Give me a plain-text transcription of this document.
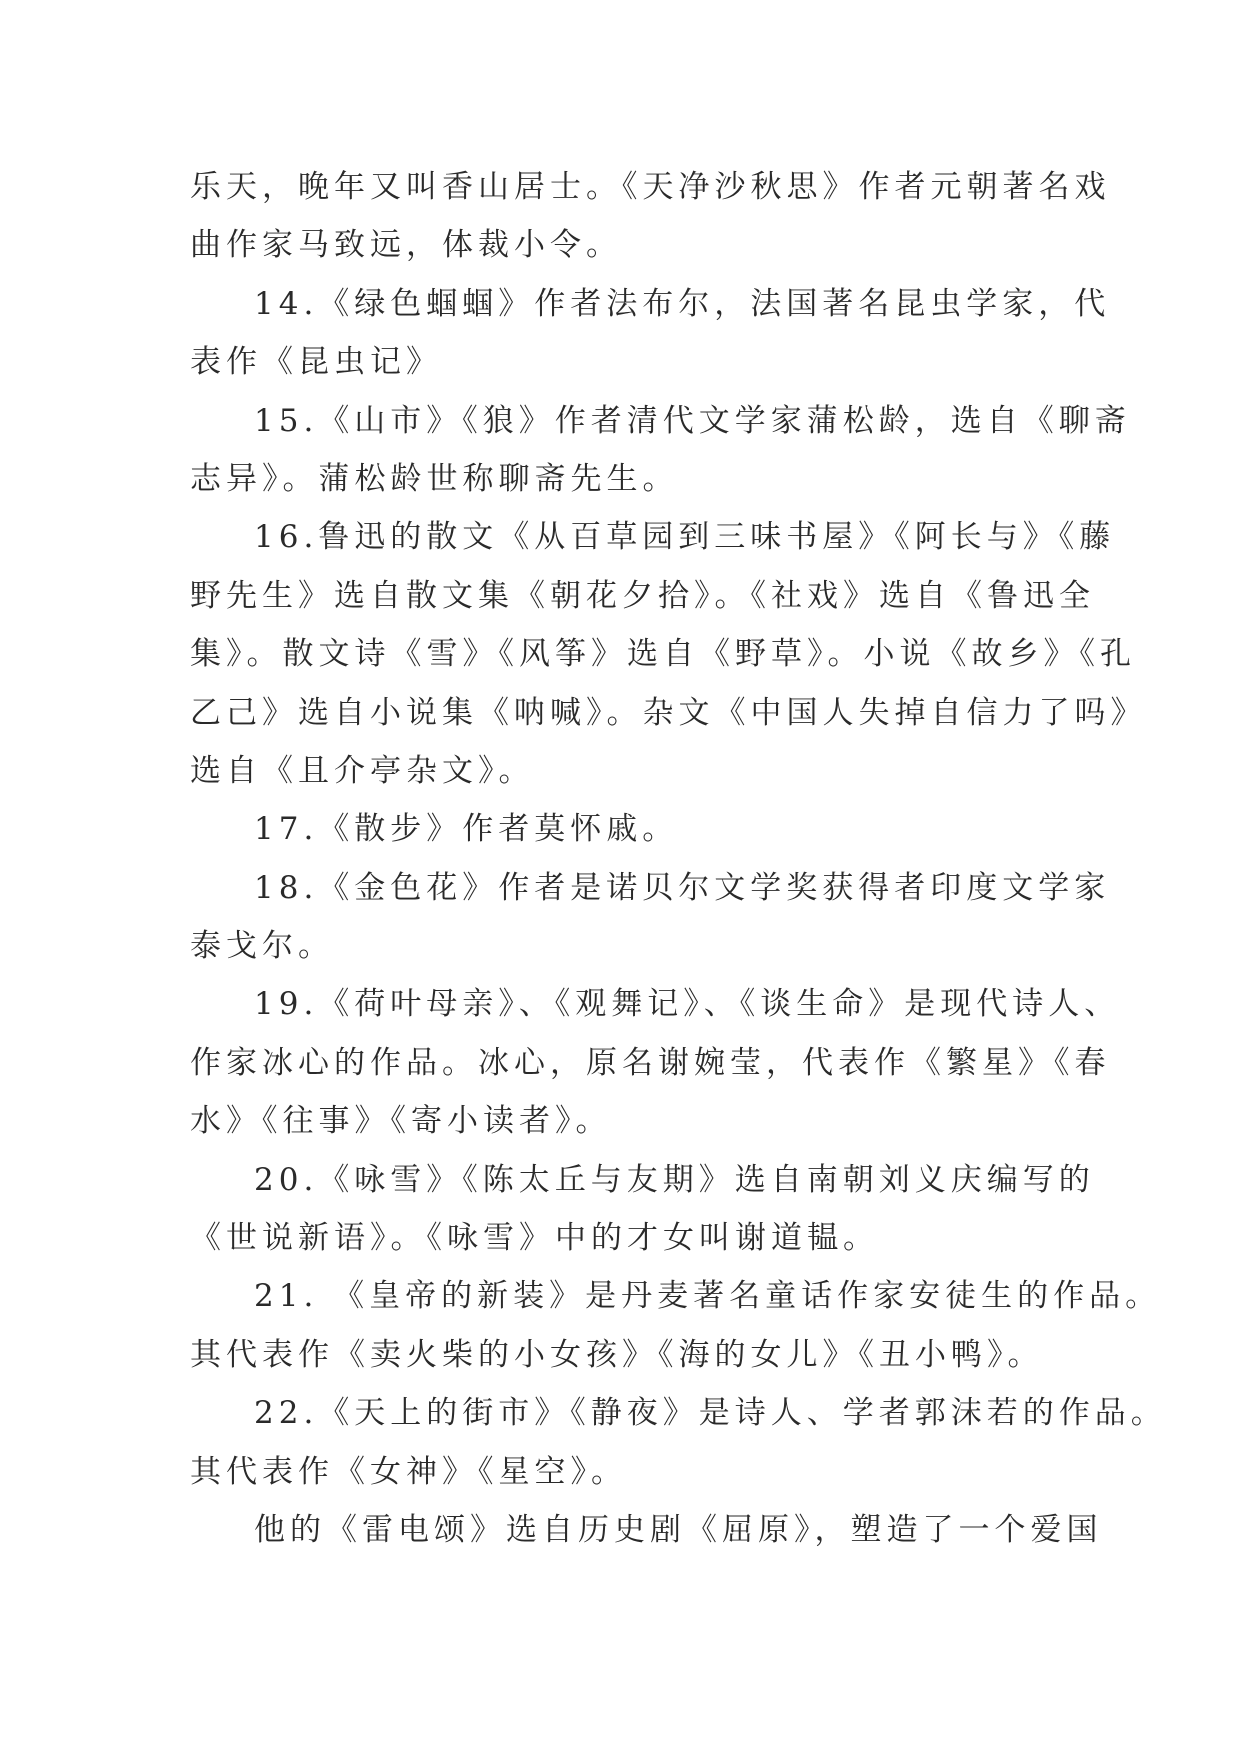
乐天，晚年又叫香山居士。《天净沙秋思》作者元朝著名戏
曲作家马致远，体裁小令。
14.《绿色蝈蝈》作者法布尔，法国著名昆虫学家，代
表作《昆虫记》
15.《山市》《狼》作者清代文学家蒲松龄，选自《聊斋
志异》。蒲松龄世称聊斋先生。
16.鲁迅的散文《从百草园到三味书屋》《阿长与》《藤
野先生》选自散文集《朝花夕拾》。《社戏》选自《鲁迅全
集》。散文诗《雪》《风筝》选自《野草》。小说《故乡》《孔
乙己》选自小说集《呐喊》。杂文《中国人失掉自信力了吗》
选自《且介亭杂文》。
17.《散步》作者莫怀戚。
18.《金色花》作者是诺贝尔文学奖获得者印度文学家
泰戈尔。
19.《荷叶母亲》、《观舞记》、《谈生命》是现代诗人、
作家冰心的作品。冰心，原名谢婉莹，代表作《繁星》《春
水》《往事》《寄小读者》。
20.《咏雪》《陈太丘与友期》选自南朝刘义庆编写的
《世说新语》。《咏雪》中的才女叫谢道韫。
21. 《皇帝的新装》是丹麦著名童话作家安徒生的作品。
其代表作《卖火柴的小女孩》《海的女儿》《丑小鸭》。
22.《天上的街市》《静夜》是诗人、学者郭沫若的作品。
其代表作《女神》《星空》。
他的《雷电颂》选自历史剧《屈原》，塑造了一个爱国
